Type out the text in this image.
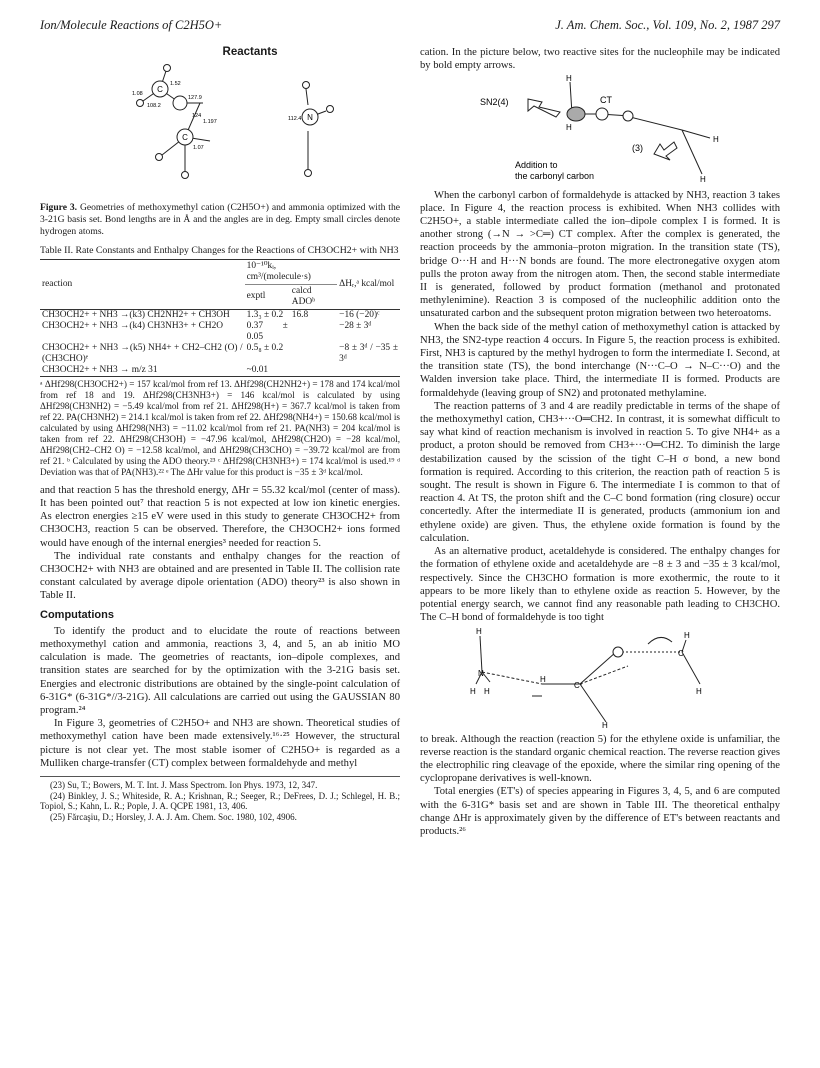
Ion/Molecule Reactions of C2H5O+	J. Am. Chem. Soc., Vol. 109, No. 2, 1987 297
Reactants
C
C
N
1.52
1.08
108.2
127.9
124
1.197
1.07
112.4

Figure 3. Geometries of methoxymethyl cation (C2H5O+) and ammonia optimized with the 3-21G basis set. Bond lengths are in Å and the angles are in deg. Empty small circles denote hydrogen atoms.

Table II. Rate Constants and Enthalpy Changes for the Reactions of CH3OCH2+ with NH3
reaction	10⁻¹⁰kᵢ, cm³/(molecule·s)		ΔHᵣ,ᵃ kcal/mol
	exptl	calcd ADOᵇ	
CH3OCH2+ + NH3 →(k3) CH2NH2+ + CH3OH	1.3₃ ± 0.2	16.8	−16 (−20)ᶜ
CH3OCH2+ + NH3 →(k4) CH3NH3+ + CH2O	0.37 ± 0.05		−28 ± 3ᵈ
CH3OCH2+ + NH3 →(k5) NH4+ + CH2–CH2 (O) / (CH3CHO)ᵉ	0.5₈ ± 0.2		−8 ± 3ᵈ / −35 ± 3ᵈ
CH3OCH2+ + NH3 → m/z 31	~0.01		

ᵃ ΔHf298(CH3OCH2+) = 157 kcal/mol from ref 13. ΔHf298(CH2NH2+) = 178 and 174 kcal/mol from ref 18 and 19. ΔHf298(CH3NH3+) = 146 kcal/mol is calculated by using ΔHf298(CH3NH2) = −5.49 kcal/mol from ref 21. ΔHf298(H+) = 367.7 kcal/mol is taken from ref 22. PA(CH3NH2) = 214.1 kcal/mol is taken from ref 22. ΔHf298(NH4+) = 150.68 kcal/mol is calculated by using ΔHf298(NH3) = −11.02 kcal/mol from ref 21. PA(NH3) = 204 kcal/mol is taken from ref 22. ΔHf298(CH3OH) = −47.96 kcal/mol, ΔHf298(CH2O) = −28 kcal/mol, ΔHf298(CH2–CH2 O) = −12.58 kcal/mol, and ΔHf298(CH3CHO) = −39.72 kcal/mol are from ref 21. ᵇ Calculated by using the ADO theory.²³ ᶜ ΔHf298(CH3NH3+) = 174 kcal/mol is used.¹⁹ ᵈ Deviation was that of PA(NH3).²² ᵉ The ΔHr value for this product is −35 ± 3ᵈ kcal/mol.

and that reaction 5 has the threshold energy, ΔHr = 55.32 kcal/mol (center of mass). It has been pointed out⁷ that reaction 5 is not expected at low ion kinetic energies. As electron energies ≥15 eV were used in this study to generate CH3OCH2+ from CH3OCH3, reaction 5 can be observed. Therefore, the CH3OCH2+ ions formed would have enough of the internal energies³ needed for reaction 5.

The individual rate constants and enthalpy changes for the reaction of CH3OCH2+ with NH3 are obtained and are presented in Table II. The collision rate constant calculated by average dipole orientation (ADO) theory²³ is also shown in Table II.

Computations

To identify the product and to elucidate the route of reactions between methoxymethyl cation and ammonia, reactions 3, 4, and 5, an ab initio MO calculation is made. The geometries of reactants, ion–dipole complexes, and transition states are searched for by the optimization with the 3-21G basis set. Energies and electronic distributions are obtained by the single-point calculation of 6-31G* (6-31G*//3-21G). All calculations are carried out using the GAUSSIAN 80 program.²⁴

In Figure 3, geometries of C2H5O+ and NH3 are shown. Theoretical studies of methoxymethyl cation have been made extensively.¹⁶·²⁵ However, the structural picture is not clear yet. The most stable isomer of C2H5O+ is regarded as a Mulliken charge-transfer (CT) complex between formaldehyde and methyl

(23) Su, T.; Bowers, M. T. Int. J. Mass Spectrom. Ion Phys. 1973, 12, 347.
(24) Binkley, J. S.; Whiteside, R. A.; Krishnan, R.; Seeger, R.; DeFrees, D. J.; Schlegel, H. B.; Topiol, S.; Kahn, L. R.; Pople, J. A. QCPE 1981, 13, 406.
(25) Fărcaşiu, D.; Horsley, J. A. J. Am. Chem. Soc. 1980, 102, 4906.

cation. In the picture below, two reactive sites for the nucleophile may be indicated by bold empty arrows.

SN2(4)	CT
H
H
H
H
(3)
Addition to
the carbonyl carbon

When the carbonyl carbon of formaldehyde is attacked by NH3, reaction 3 takes place. In Figure 4, the reaction process is exhibited. When NH3 collides with C2H5O+, a stable intermediate called the ion–dipole complex I is formed. It is another strong (→N → >C═) CT complex. After the complex is generated, the reaction proceeds by the ammonia–proton migration. In the transition state (TS), bridge O···H and H···N bonds are found. The more electronegative oxygen atom pulls the proton away from the nitrogen atom. Then, the second stable intermediate II is generated, followed by product formation (methanol and protonated methylenimine). Reaction 3 is composed of the nucleophilic addition onto the unsaturated carbon and the subsequent proton migration between two heteroatoms.

When the back side of the methyl cation of methoxymethyl cation is attacked by NH3, the SN2-type reaction 4 occurs. In Figure 5, the reaction process is exhibited. First, NH3 is captured by the methyl hydrogen to form the intermediate I. Second, at the transition state (TS), the bond interchange (N···C–O → N–C···O) and the Walden inversion take place. Third, the intermediate II is formed. Products are formaldehyde (leaving group of SN2) and protonated methylamine.

The reaction patterns of 3 and 4 are readily predictable in terms of the shape of the methoxymethyl cation, CH3+···O═CH2. In contrast, it is somewhat difficult to say what kind of reaction mechanism is involved in reaction 5. To give NH4+ as a product, a proton should be removed from CH3+···O═CH2. To diminish the large destabilization caused by the scission of the tight C–H σ bond, a new bond formation is required. According to this criterion, the reaction path of reaction 5 is sought. The result is shown in Figure 6. The intermediate I is common to that of reaction 4. At TS, the proton shift and the C–C bond formation (ring closure) occur concertedly. After the intermediate II is generated, products (ammonium ion and ethylene oxide) are given. Thus, the ethylene oxide formation is found by the calculation.

As an alternative product, acetaldehyde is considered. The enthalpy changes for the formation of ethylene oxide and acetaldehyde are −8 ± 3 and −35 ± 3 kcal/mol, respectively. Since the CH3CHO formation is more exothermic, the route to it appears to be more likely than to ethylene oxide as reaction 5. However, by the potential energy search, we cannot find any reasonable path leading to CH3CHO. The C–H bond of formaldehyde is too tight

H
N
H H
H
C
C
H
H
H

to break. Although the reaction (reaction 5) for the ethylene oxide is unfamiliar, the reverse reaction is the standard organic chemical reaction. The reverse reaction gives the electrophilic ring cleavage of the epoxide, where the similar ring opening of the cyclopropane derivatives is well-known.

Total energies (ET's) of species appearing in Figures 3, 4, 5, and 6 are computed with the 6-31G* basis set and are shown in Table III. The theoretical enthalpy change ΔHr is approximately given by the difference of ET's between reactants and products.²⁶
